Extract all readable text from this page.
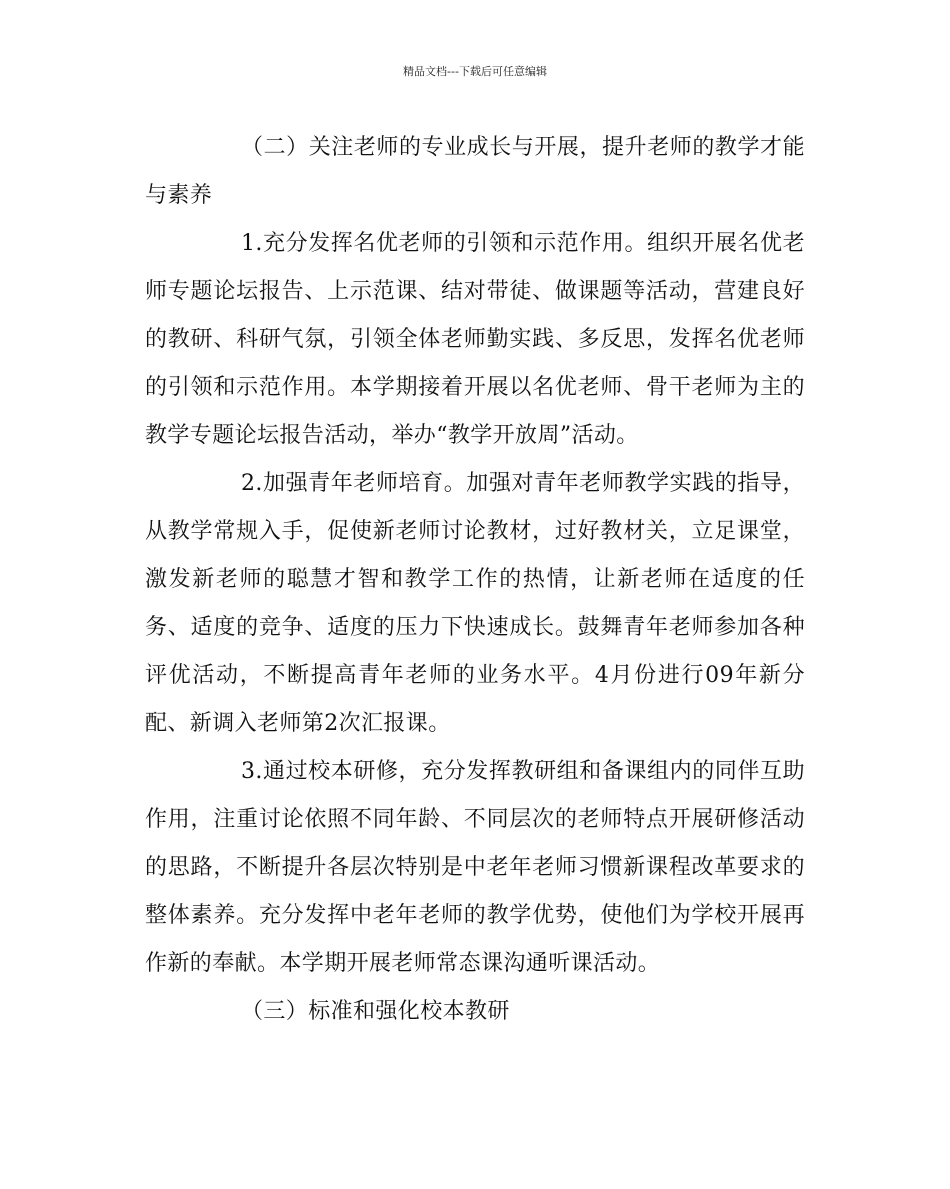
精品文档---下载后可任意编辑

（二）关注老师的专业成长与开展，提升老师的教学才能与素养

1.充分发挥名优老师的引领和示范作用。组织开展名优老师专题论坛报告、上示范课、结对带徒、做课题等活动，营建良好的教研、科研气氛，引领全体老师勤实践、多反思，发挥名优老师的引领和示范作用。本学期接着开展以名优老师、骨干老师为主的教学专题论坛报告活动，举办“教学开放周”活动。

2.加强青年老师培育。加强对青年老师教学实践的指导，从教学常规入手，促使新老师讨论教材，过好教材关，立足课堂，激发新老师的聪慧才智和教学工作的热情，让新老师在适度的任务、适度的竞争、适度的压力下快速成长。鼓舞青年老师参加各种评优活动，不断提高青年老师的业务水平。4月份进行09年新分配、新调入老师第2次汇报课。

3.通过校本研修，充分发挥教研组和备课组内的同伴互助作用，注重讨论依照不同年龄、不同层次的老师特点开展研修活动的思路，不断提升各层次特别是中老年老师习惯新课程改革要求的整体素养。充分发挥中老年老师的教学优势，使他们为学校开展再作新的奉献。本学期开展老师常态课沟通听课活动。

（三）标准和强化校本教研
